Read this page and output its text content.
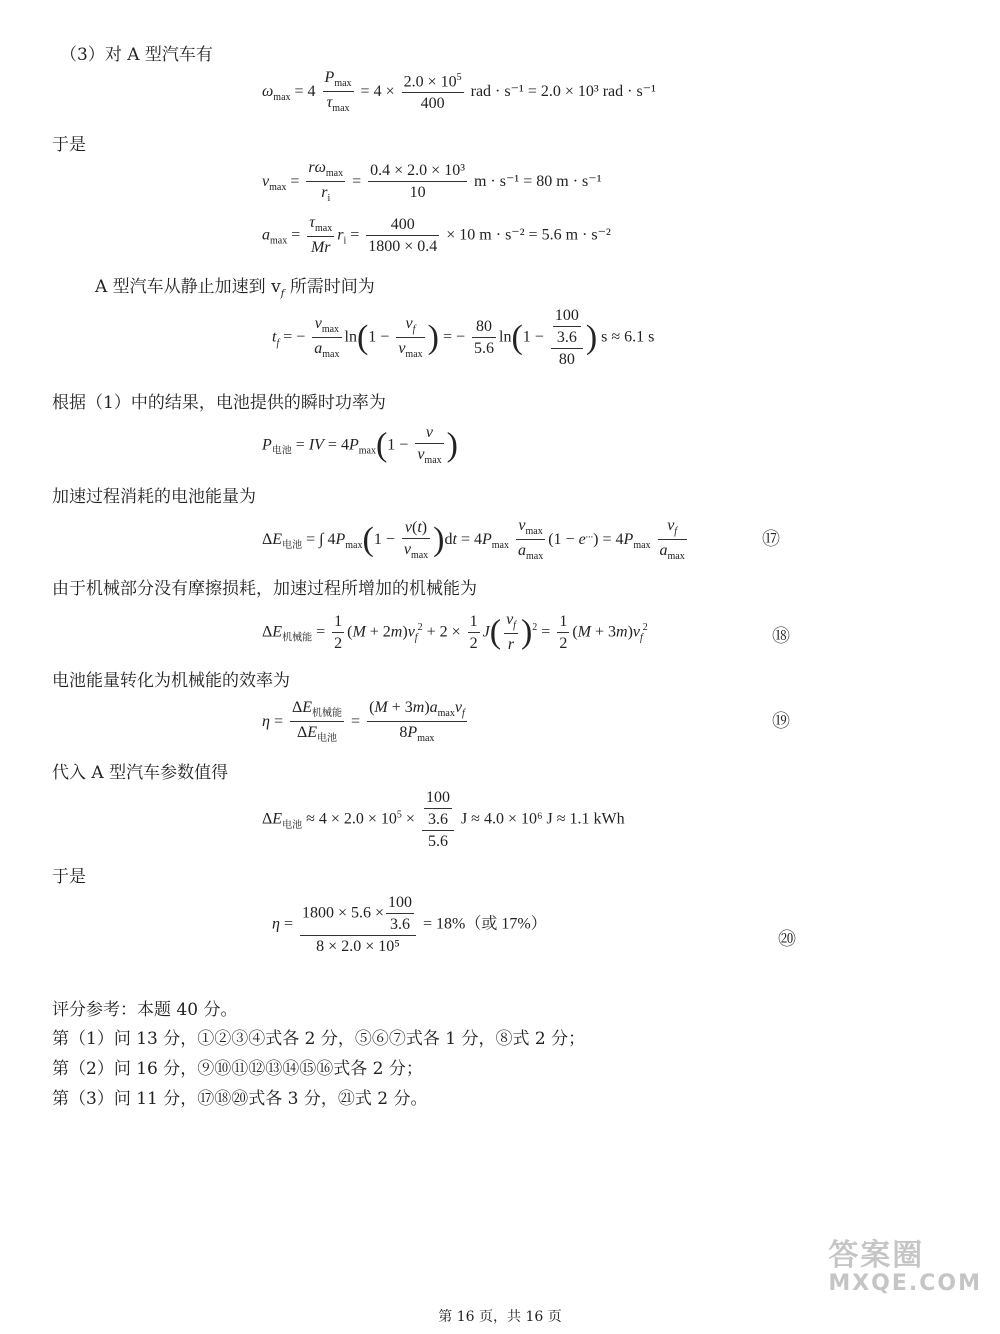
（3）对 A 型汽车有
$\omega_{max} = 4 \frac{P_{max}}{\tau_{max}} = 4 \times \frac{2.0 \times 10^5}{400}$ rad · s⁻¹ = 2.0 × 10³ rad · s⁻¹
于是
$v_{max} = \frac{r\omega_{max}}{r_i} = \frac{\text{0.4 × 2.0 × 10³}}{10}$ m · s⁻¹ = 80 m · s⁻¹
$a_{max} = \frac{\tau_{max}}{Mr} r_i = \frac{400}{1800 \times 0.4} \times 10$ m · s⁻² = 5.6 m · s⁻²
A 型汽车从静止加速到 $v_f$ 所需时间为
$t_f$ = − $\frac{v_{max}}{a_{max}} \ln(1 - \frac{v_f}{v_{max}}$ ) = − $\frac{80}{5.6} \ln(1 - \frac{\frac{100}{3.6}}{80}$ ) s ≈ 6.1 s
根据（1）中的结果，电池提供的瞬时功率为
$P_{电池}$ = IV = $4P_{max}(1 - \frac{v}{v_{max}}$ )
加速过程消耗的电池能量为
$\Delta E_{电池}$ = ∫ $4P_{max}(1 - \frac{v(t)}{v_{max}} )dt = 4P_{max} \frac{v_{max}}{a_{max}} (1 - e^{...}) = 4P_{max} \frac{v_f}{a_{max}}$	⑰
由于机械部分没有摩擦损耗，加速过程所增加的机械能为
$\Delta E_{机械能} = \frac{1}{2} (M + 2m)v_f^2 + 2 \times \frac{1}{2} J( \frac{v_f}{r} )^2 = \frac{1}{2} (M + 3m)v_f^2$	⑱
电池能量转化为机械能的效率为
$\eta = \frac{\Delta E_{机械能}}{\Delta E_{电池}} = \frac{(M + 3m)a_{max}v_f}{8P_{max}}$	⑲
代入 A 型汽车参数值得
$\Delta E_{电池} \approx 4 \times 2.0 \times 10^5 \times \frac{\frac{100}{3.6}}{5.6}$ J ≈ 4.0 × 10⁶ J ≈ 1.1 kWh
于是
$\eta = \frac{1800 \times 5.6 \times \frac{100}{3.6}}{\text{8 × 2.0 × 10⁵}} = 18\%$（或 17%）
⑳
评分参考：本题 40 分。
第（1）问 13 分，①②③④式各 2 分，⑤⑥⑦式各 1 分，⑧式 2 分；
第（2）问 16 分，⑨⑩⑪⑫⑬⑭⑮⑯式各 2 分；
第（3）问 11 分，⑰⑱⑳式各 3 分，㉑式 2 分。
答案圈
MXQE.COM
第 16 页，共 16 页
